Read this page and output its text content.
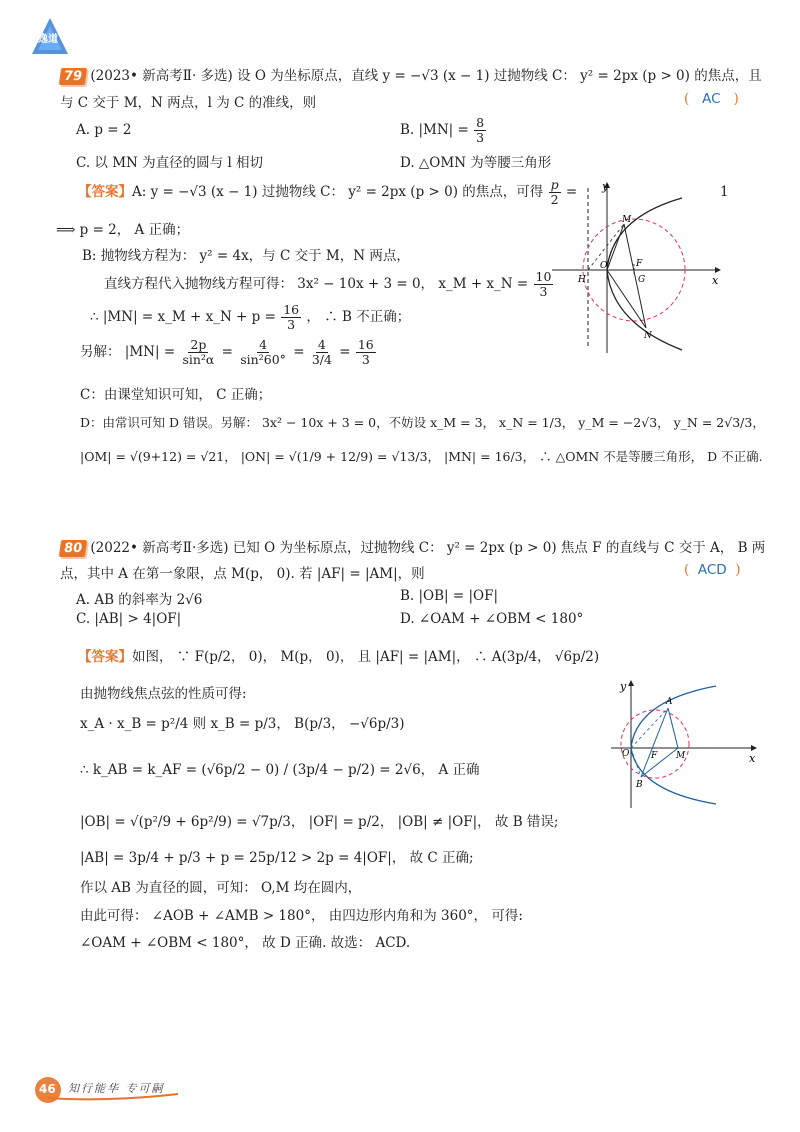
逸道
79 (2023• 新高考Ⅱ· 多选) 设 O 为坐标原点，直线 y = −√3 (x − 1) 过抛物线 C： y² = 2px (p > 0) 的焦点，且
与 C 交于 M，N 两点，l 为 C 的准线，则	( AC )
A. p = 2	B. $|MN| = \frac{8}{3}$
C. 以 MN 为直径的圆与 l 相切	D. △OMN 为等腰三角形
【答案】A: y = −√3 (x − 1) 过抛物线 C： y² = 2px (p > 0) 的焦点，可得 $\frac{p}{2}$ =	1
⟹ p = 2， A 正确；
B: 抛物线方程为： y² = 4x，与 C 交于 M，N 两点，
直线方程代入抛物线方程可得： 3x² − 10x + 3 = 0， x_M + x_N = $\frac{10}{3}$
∴ |MN| = x_M + x_N + $p = \frac{16}{3}$ ， ∴ B 不正确；
另解： $|MN| = \frac{2p}{\text{sin²α}} = \frac{4}{\text{sin²60°}} = \frac{4}{3/4} = \frac{16}{3}$
C：由课堂知识可知， C 正确；
D：由常识可知 D 错误。另解： 3x² − 10x + 3 = 0，不妨设 x_M = 3， x_N = 1/3， y_M = −2√3， y_N = 2√3/3，
|OM| = √(9+12) = √21， |ON| = √(1/9 + 12/9) = √13/3， |MN| = 16/3， ∴ △OMN 不是等腰三角形， D 不正确.
y
x
M
N
O	F
G
H
80 (2022• 新高考Ⅱ·多选) 已知 O 为坐标原点，过抛物线 C： y² = 2px (p > 0) 焦点 F 的直线与 C 交于 A， B 两
点，其中 A 在第一象限，点 M(p， 0). 若 |AF| = |AM|，则	( ACD )
A. AB 的斜率为 2√6	B. |OB| = |OF|
C. |AB| > 4|OF|	D. ∠OAM + ∠OBM < 180°
【答案】如图， ∵ F(p/2， 0)， M(p， 0)， 且 |AF| = |AM|， ∴ A(3p/4， √6p/2)
由抛物线焦点弦的性质可得:
x_A · x_B = p²/4 则 x_B = p/3， B(p/3， −√6p/3)
∴ k_AB = k_AF = (√6p/2 − 0) / (3p/4 − p/2) = 2√6， A 正确
|OB| = √(p²/9 + 6p²/9) = √7p/3， |OF| = p/2， |OB| ≠ |OF|， 故 B 错误;
|AB| = 3p/4 + p/3 + p = 25p/12 > 2p = 4|OF|， 故 C 正确;
作以 AB 为直径的圆，可知： O,M 均在圆内，
由此可得： ∠AOB + ∠AMB > 180°， 由四边形内角和为 360°， 可得:
∠OAM + ∠OBM < 180°， 故 D 正确. 故选： ACD.
y
x
A
B
O F M
46 知行能华 专可嗣
